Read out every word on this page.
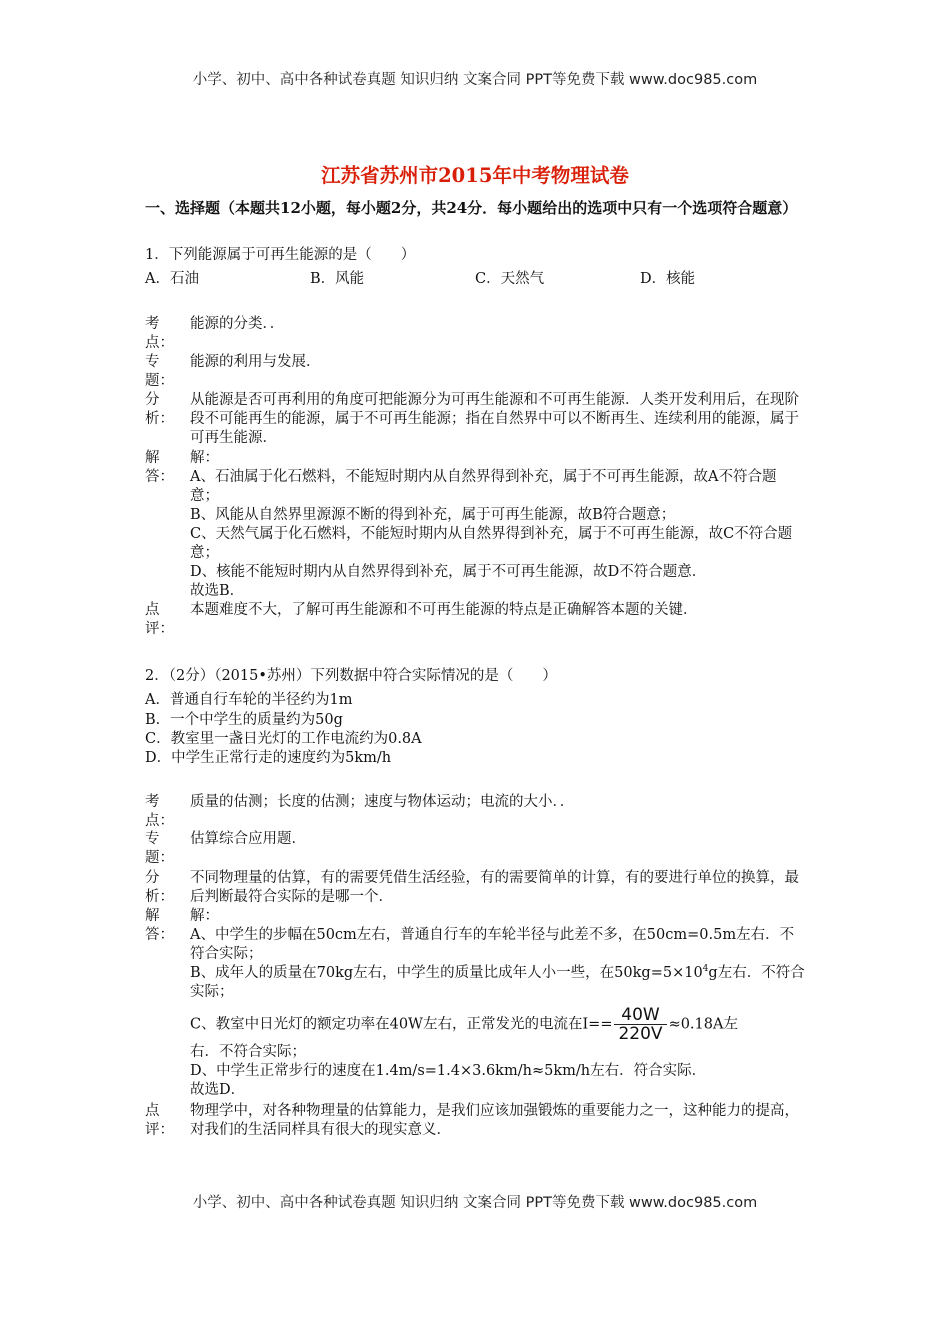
小学、初中、高中各种试卷真题 知识归纳 文案合同 PPT等免费下载 www.doc985.com
江苏省苏州市2015年中考物理试卷
一、选择题（本题共12小题，每小题2分，共24分．每小题给出的选项中只有一个选项符合题意）
1．下列能源属于可再生能源的是（　　）
A．石油	B．风能	C．天然气	D．核能
考
点：
能源的分类．．
专
题：
能源的利用与发展．
分
析：
从能源是否可再利用的角度可把能源分为可再生能源和不可再生能源．人类开发利用后，在现阶段不可能再生的能源，属于不可再生能源；指在自然界中可以不断再生、连续利用的能源，属于可再生能源．
解
答：

解：

A、石油属于化石燃料，不能短时期内从自然界得到补充，属于不可再生能源，故A不符合题意；

B、风能从自然界里源源不断的得到补充，属于可再生能源，故B符合题意；

C、天然气属于化石燃料，不能短时期内从自然界得到补充，属于不可再生能源，故C不符合题意；

D、核能不能短时期内从自然界得到补充，属于不可再生能源，故D不符合题意．

故选B．

点
评：
本题难度不大，了解可再生能源和不可再生能源的特点是正确解答本题的关键．
2．（2分）（2015•苏州）下列数据中符合实际情况的是（　　）
A．普通自行车轮的半径约为1m
B．一个中学生的质量约为50g
C．教室里一盏日光灯的工作电流约为0.8A
D．中学生正常行走的速度约为5km/h
考
点：
质量的估测；长度的估测；速度与物体运动；电流的大小．．
专
题：
估算综合应用题．
分
析：
不同物理量的估算，有的需要凭借生活经验，有的需要简单的计算，有的要进行单位的换算，最后判断最符合实际的是哪一个．
解
答：

解：

A、中学生的步幅在50cm左右，普通自行车的车轮半径与此差不多，在50cm=0.5m左右．不符合实际；

B、成年人的质量在70kg左右，中学生的质量比成年人小一些，在$50kg=5\times 10^4g$左右．不符合实际；

C、教室中日光灯的额定功率在40W左右，正常发光的电流在$I== \frac{40W}{220V} \approx 0.18A$左

右．不符合实际；

D、中学生正常步行的速度在1.4m/s=1.4×3.6km/h≈5km/h左右．符合实际．

故选D．

点
评：
物理学中，对各种物理量的估算能力，是我们应该加强锻炼的重要能力之一，这种能力的提高，对我们的生活同样具有很大的现实意义．
小学、初中、高中各种试卷真题 知识归纳 文案合同 PPT等免费下载 www.doc985.com
